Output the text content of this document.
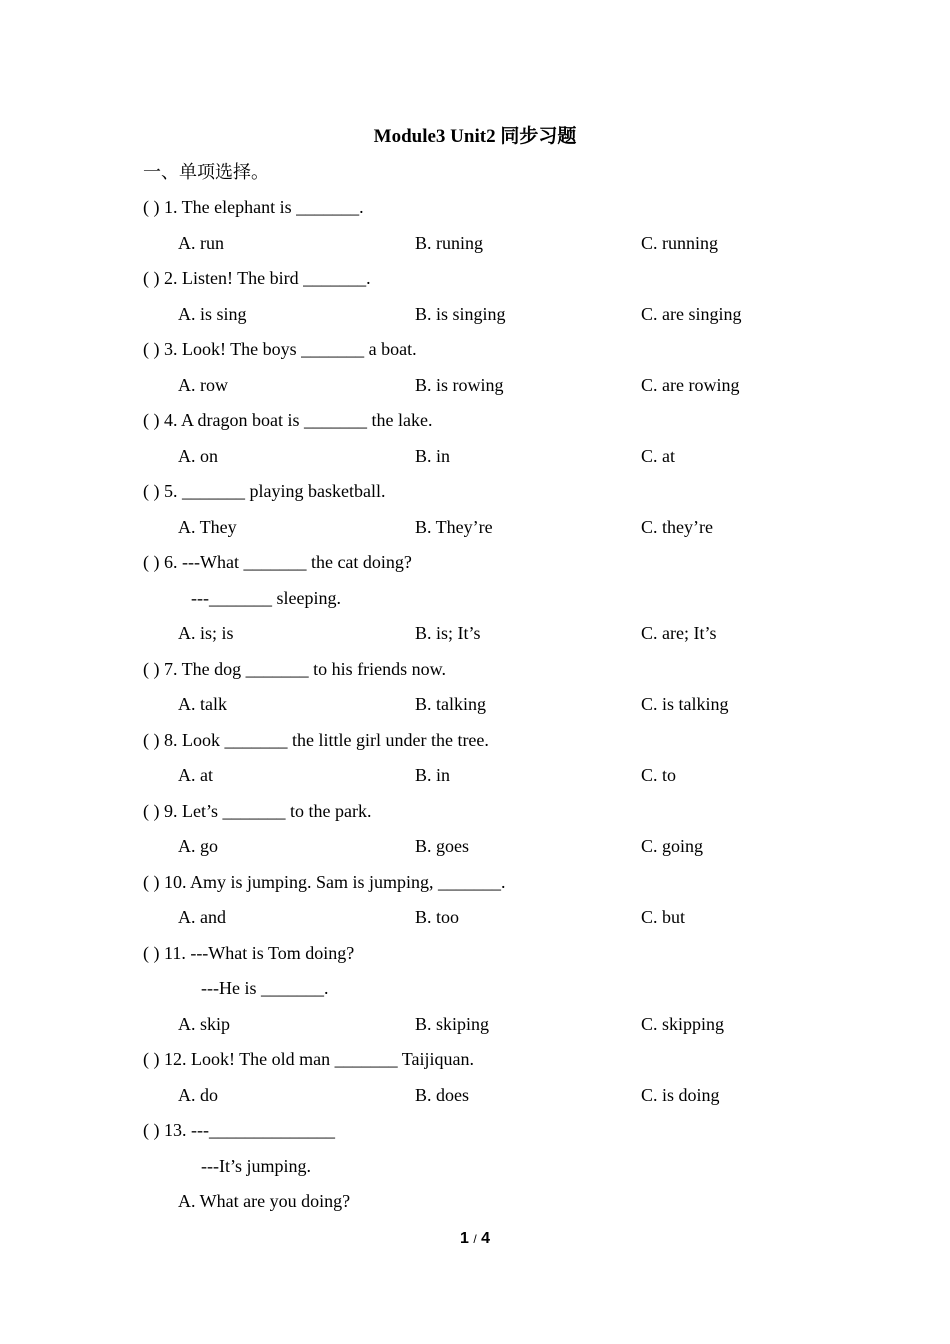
Module3 Unit2 同步习题
一、单项选择。
( ) 1. The elephant is _______.
A. run	B. runing	C. running
( ) 2. Listen! The bird _______.
A. is sing	B. is singing	C. are singing
( ) 3. Look! The boys _______ a boat.
A. row	B. is rowing	C. are rowing
( ) 4. A dragon boat is _______ the lake.
A. on	B. in	C. at
( ) 5. _______ playing basketball.
A. They	B. They’re	C. they’re
( ) 6. ---What _______ the cat doing?
---_______ sleeping.
A. is; is	B. is; It’s	C. are; It’s
( ) 7. The dog _______ to his friends now.
A. talk	B. talking	C. is talking
( ) 8. Look _______ the little girl under the tree.
A. at	B. in	C. to
( ) 9. Let’s _______ to the park.
A. go	B. goes	C. going
( ) 10. Amy is jumping. Sam is jumping, _______.
A. and	B. too	C. but
( ) 11. ---What is Tom doing?
---He is _______.
A. skip	B. skiping	C. skipping
( ) 12. Look! The old man _______ Taijiquan.
A. do	B. does	C. is doing
( ) 13. ---______________
---It’s jumping.
A. What are you doing?
1 / 4
